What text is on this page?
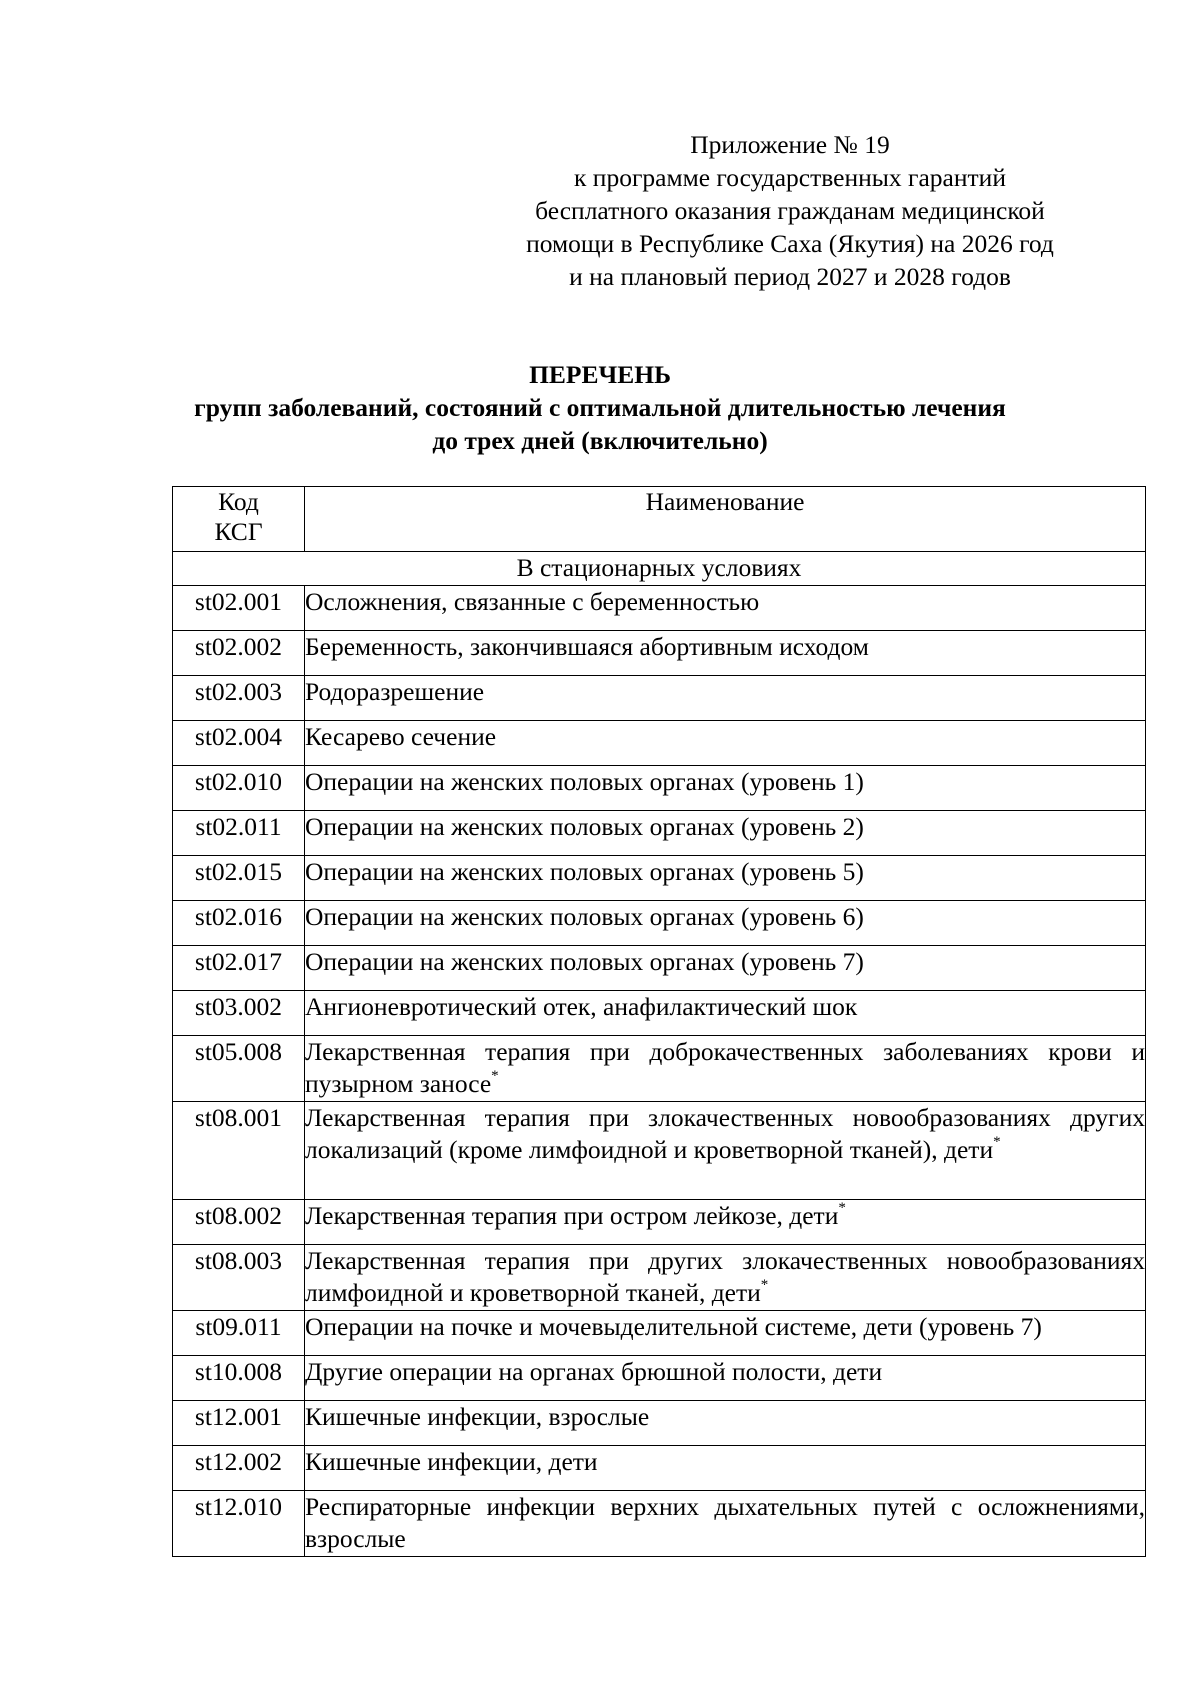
Приложение № 19
к программе государственных гарантий
бесплатного оказания гражданам медицинской
помощи в Республике Саха (Якутия) на 2026 год
и на плановый период 2027 и 2028 годов
ПЕРЕЧЕНЬ
групп заболеваний, состояний с оптимальной длительностью лечения
до трех дней (включительно)
Код
КСГ	Наименование
В стационарных условиях	
st02.001	Осложнения, связанные с беременностью
st02.002	Беременность, закончившаяся абортивным исходом
st02.003	Родоразрешение
st02.004	Кесарево сечение
st02.010	Операции на женских половых органах (уровень 1)
st02.011	Операции на женских половых органах (уровень 2)
st02.015	Операции на женских половых органах (уровень 5)
st02.016	Операции на женских половых органах (уровень 6)
st02.017	Операции на женских половых органах (уровень 7)
st03.002	Ангионевротический отек, анафилактический шок
st05.008	Лекарственная терапия при доброкачественных заболеваниях крови и пузырном заносе*
st08.001	Лекарственная терапия при злокачественных новообразованиях других локализаций (кроме лимфоидной и кроветворной тканей), дети*
st08.002	Лекарственная терапия при остром лейкозе, дети*
st08.003	Лекарственная терапия при других злокачественных новообразованиях лимфоидной и кроветворной тканей, дети*
st09.011	Операции на почке и мочевыделительной системе, дети (уровень 7)
st10.008	Другие операции на органах брюшной полости, дети
st12.001	Кишечные инфекции, взрослые
st12.002	Кишечные инфекции, дети
st12.010	Респираторные инфекции верхних дыхательных путей с осложнениями, взрослые
